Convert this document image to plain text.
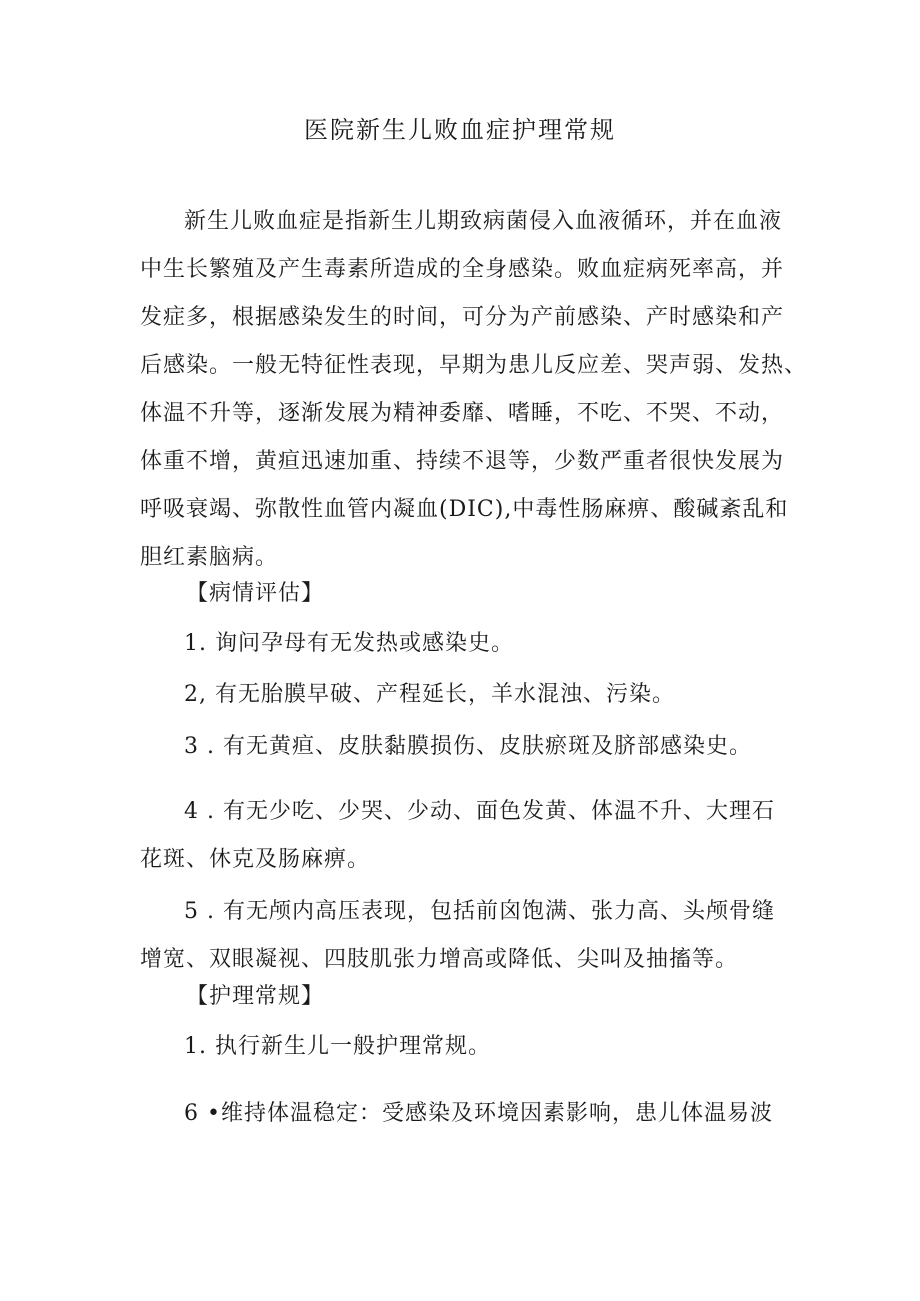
医院新生儿败血症护理常规
新生儿败血症是指新生儿期致病菌侵入血液循环，并在血液
中生长繁殖及产生毒素所造成的全身感染。败血症病死率高，并
发症多，根据感染发生的时间，可分为产前感染、产时感染和产
后感染。一般无特征性表现，早期为患儿反应差、哭声弱、发热、
体温不升等，逐渐发展为精神委靡、嗜睡，不吃、不哭、不动，
体重不增，黄疸迅速加重、持续不退等，少数严重者很快发展为
呼吸衰竭、弥散性血管内凝血(DIC),中毒性肠麻痹、酸碱紊乱和
胆红素脑病。
【病情评估】
1. 询问孕母有无发热或感染史。
2, 有无胎膜早破、产程延长，羊水混浊、污染。
3 . 有无黄疸、皮肤黏膜损伤、皮肤瘀斑及脐部感染史。
4 . 有无少吃、少哭、少动、面色发黄、体温不升、大理石
花斑、休克及肠麻痹。
5 . 有无颅内高压表现，包括前囟饱满、张力高、头颅骨缝
增宽、双眼凝视、四肢肌张力增高或降低、尖叫及抽搐等。
【护理常规】
1. 执行新生儿一般护理常规。
6 •维持体温稳定：受感染及环境因素影响，患儿体温易波
